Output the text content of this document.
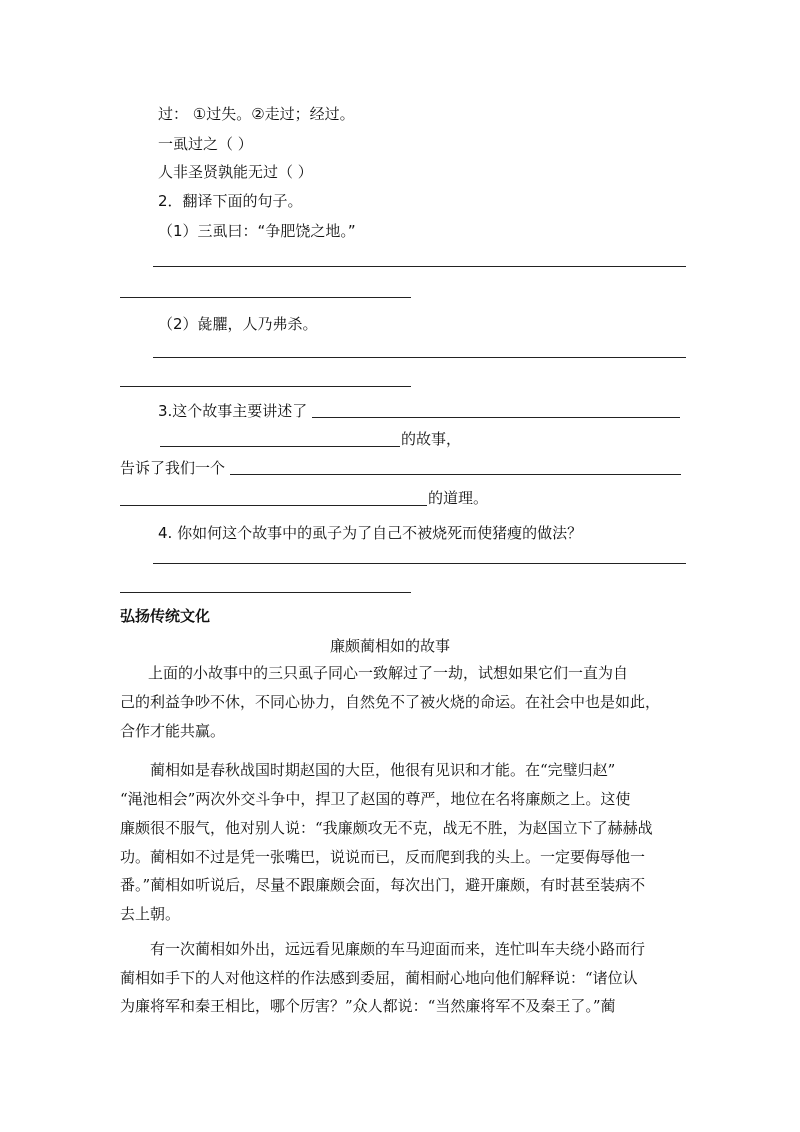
过： ①过失。②走过；经过。
一虱过之（ ）
人非圣贤孰能无过（ ）
2．翻译下面的句子。
（1）三虱曰：“争肥饶之地。”
（2）彘臞，人乃弗杀。
3.这个故事主要讲述了
的故事，
告诉了我们一个
的道理。
4. 你如何这个故事中的虱子为了自己不被烧死而使猪瘦的做法？
弘扬传统文化
廉颇蔺相如的故事
上面的小故事中的三只虱子同心一致解过了一劫，试想如果它们一直为自
己的利益争吵不休，不同心协力，自然免不了被火烧的命运。在社会中也是如此，
合作才能共赢。
蔺相如是春秋战国时期赵国的大臣，他很有见识和才能。在“完璧归赵”
“渑池相会”两次外交斗争中，捍卫了赵国的尊严，地位在名将廉颇之上。这使
廉颇很不服气，他对别人说：“我廉颇攻无不克，战无不胜，为赵国立下了赫赫战
功。蔺相如不过是凭一张嘴巴，说说而已，反而爬到我的头上。一定要侮辱他一
番。”蔺相如听说后，尽量不跟廉颇会面，每次出门，避开廉颇，有时甚至装病不
去上朝。
有一次蔺相如外出，远远看见廉颇的车马迎面而来，连忙叫车夫绕小路而行
蔺相如手下的人对他这样的作法感到委屈，蔺相耐心地向他们解释说：“诸位认
为廉将军和秦王相比，哪个厉害？”众人都说：“当然廉将军不及秦王了。”蔺
